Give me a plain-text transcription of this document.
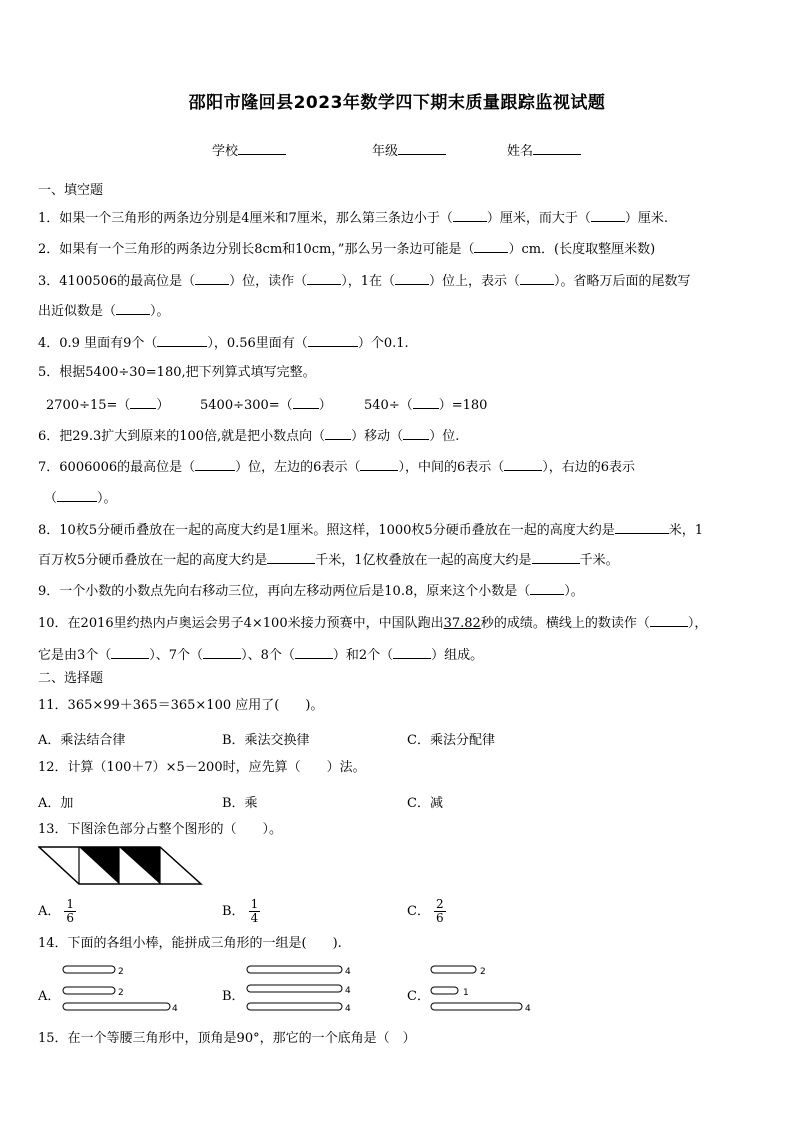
邵阳市隆回县2023年数学四下期末质量跟踪监视试题
学校	年级	姓名
一、填空题
1．如果一个三角形的两条边分别是4厘米和7厘米，那么第三条边小于（	）厘米，而大于（	）厘米.
2．如果有一个三角形的两条边分别长8cm和10cm，”那么另一条边可能是（	）cm．(长度取整厘米数)
3．4100506的最高位是（	）位，读作（	），1在（	）位上，表示（	）。省略万后面的尾数写
出近似数是（	）。
4．0.9 里面有9个（	），0.56里面有（	）个0.1.
5．根据5400÷30=180,把下列算式填写完整。
2700÷15=（ ） 5400÷300=（ ） 540÷（ ）=180
6．把29.3扩大到原来的100倍,就是把小数点向（ ）移动（ ）位.
7．6006006的最高位是（	）位，左边的6表示（	），中间的6表示（	），右边的6表示
（	）。
8．10枚5分硬币叠放在一起的高度大约是1厘米。照这样，1000枚5分硬币叠放在一起的高度大约是	米，1
百万枚5分硬币叠放在一起的高度大约是	千米，1亿枚叠放在一起的高度大约是	千米。
9．一个小数的小数点先向右移动三位，再向左移动两位后是10.8，原来这个小数是（	）。
10．在2016里约热内卢奥运会男子4×100米接力预赛中，中国队跑出37.82秒的成绩。横线上的数读作（	），
它是由3个（	）、7个（	）、8个（	）和2个（	）组成。
二、选择题
11．365×99＋365＝365×100 应用了(　　)。
A．乘法结合律	B．乘法交换律	C．乘法分配律
12．计算（100＋7）×5－200时，应先算（　　）法。
A．加	B．乘	C．减
13．下图涂色部分占整个图形的（　　）。
A． $\frac{1}{6}$	B． $\frac{1}{4}$	C． $\frac{2}{6}$
14．下面的各组小棒，能拼成三角形的一组是(　　).
A．
2
2
4
B．
4
4
4
C．
2
1
4
15．在一个等腰三角形中，顶角是90°，那它的一个底角是（　）
